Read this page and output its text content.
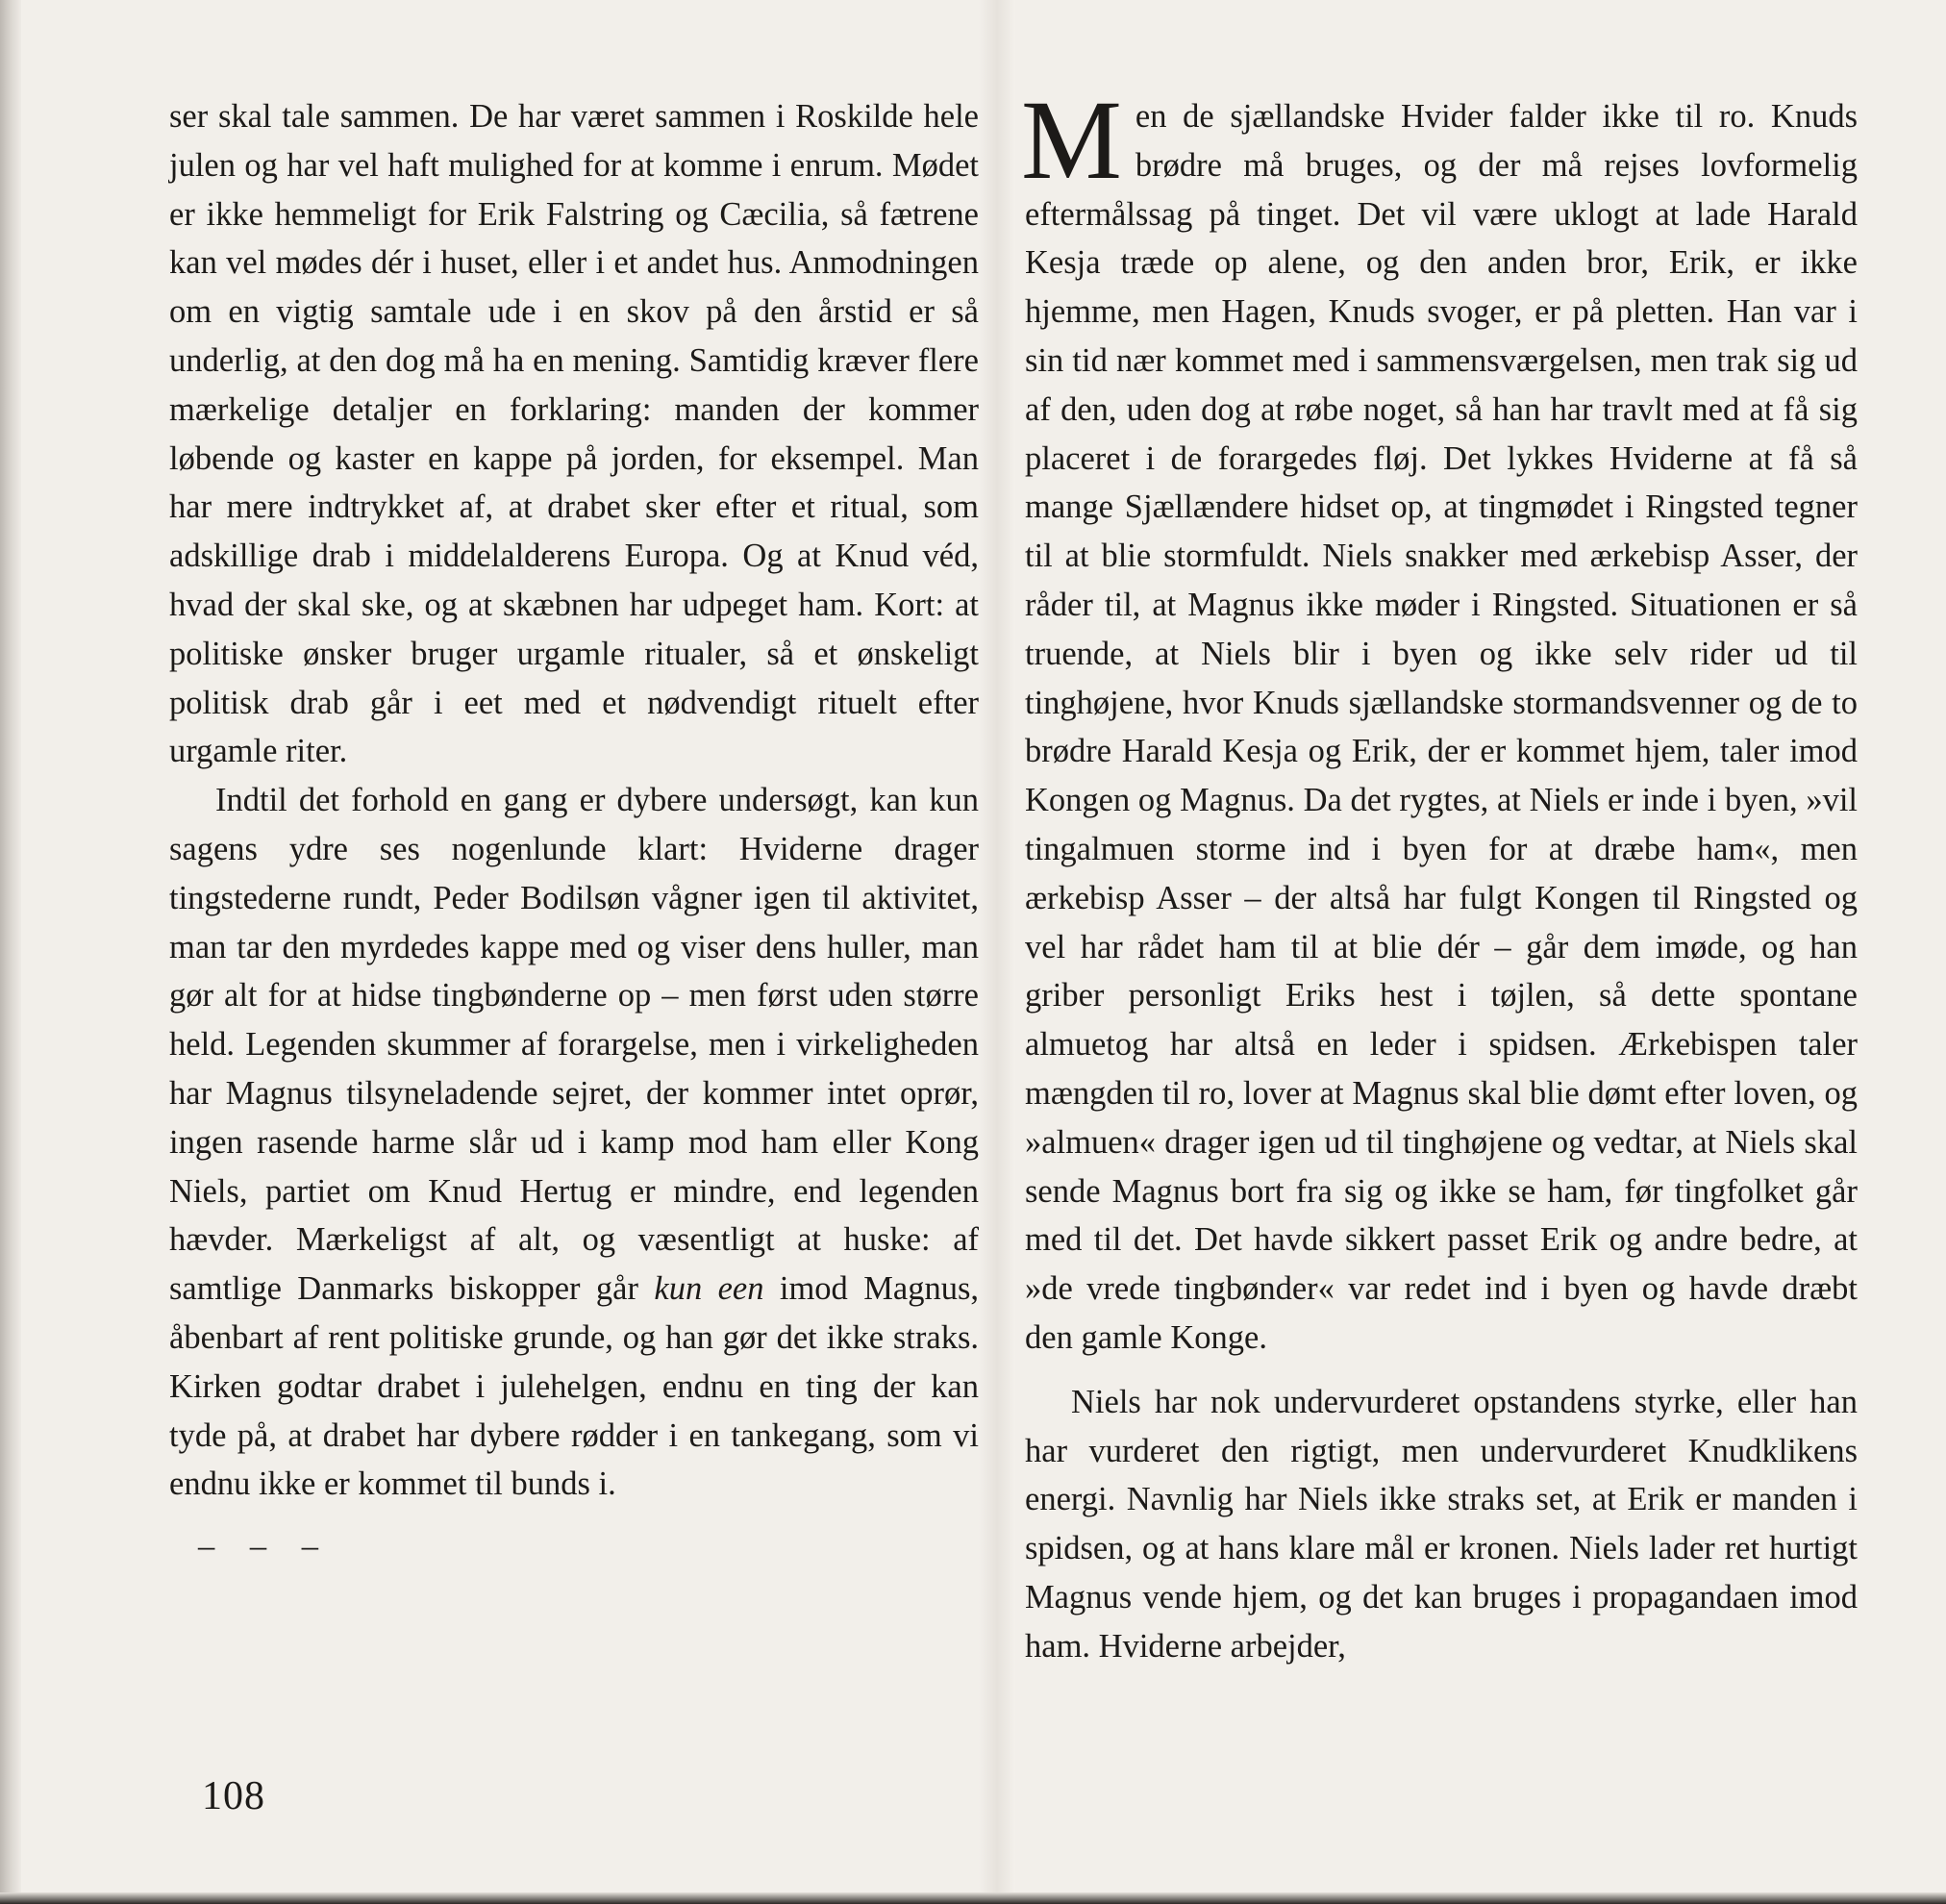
ser skal tale sammen. De har været sammen i Roskilde hele julen og har vel haft mulighed for at komme i enrum. Mødet er ikke hemmeligt for Erik Falstring og Cæcilia, så fætrene kan vel mødes dér i huset, eller i et andet hus. Anmodningen om en vigtig samtale ude i en skov på den årstid er så underlig, at den dog må ha en mening. Samtidig kræver flere mærkelige detaljer en forklaring: manden der kommer løbende og kaster en kappe på jorden, for eksempel. Man har mere indtrykket af, at drabet sker efter et ritual, som adskillige drab i middelalderens Europa. Og at Knud véd, hvad der skal ske, og at skæbnen har udpeget ham. Kort: at politiske ønsker bruger urgamle ritualer, så et ønskeligt politisk drab går i eet med et nødvendigt rituelt efter urgamle riter.

Indtil det forhold en gang er dybere undersøgt, kan kun sagens ydre ses nogenlunde klart: Hviderne drager tingstederne rundt, Peder Bodilsøn vågner igen til aktivitet, man tar den myrdedes kappe med og viser dens huller, man gør alt for at hidse tingbønderne op – men først uden større held. Legenden skummer af forargelse, men i virkeligheden har Magnus tilsyneladende sejret, der kommer intet oprør, ingen rasende harme slår ud i kamp mod ham eller Kong Niels, partiet om Knud Hertug er mindre, end legenden hævder. Mærkeligst af alt, og væsentligt at huske: af samtlige Danmarks biskopper går kun een imod Magnus, åbenbart af rent politiske grunde, og han gør det ikke straks. Kirken godtar drabet i julehelgen, endnu en ting der kan tyde på, at drabet har dybere rødder i en tankegang, som vi endnu ikke er kommet til bunds i.

– – –

108

Men de sjællandske Hvider falder ikke til ro. Knuds brødre må bruges, og der må rejses lovformelig eftermålssag på tinget. Det vil være uklogt at lade Harald Kesja træde op alene, og den anden bror, Erik, er ikke hjemme, men Hagen, Knuds svoger, er på pletten. Han var i sin tid nær kommet med i sammensværgelsen, men trak sig ud af den, uden dog at røbe noget, så han har travlt med at få sig placeret i de forargedes fløj. Det lykkes Hviderne at få så mange Sjællændere hidset op, at tingmødet i Ringsted tegner til at blie stormfuldt. Niels snakker med ærkebisp Asser, der råder til, at Magnus ikke møder i Ringsted. Situationen er så truende, at Niels blir i byen og ikke selv rider ud til tinghøjene, hvor Knuds sjællandske stormandsvenner og de to brødre Harald Kesja og Erik, der er kommet hjem, taler imod Kongen og Magnus. Da det rygtes, at Niels er inde i byen, »vil tingalmuen storme ind i byen for at dræbe ham«, men ærkebisp Asser – der altså har fulgt Kongen til Ringsted og vel har rådet ham til at blie dér – går dem imøde, og han griber personligt Eriks hest i tøjlen, så dette spontane almuetog har altså en leder i spidsen. Ærkebispen taler mængden til ro, lover at Magnus skal blie dømt efter loven, og »almuen« drager igen ud til tinghøjene og vedtar, at Niels skal sende Magnus bort fra sig og ikke se ham, før tingfolket går med til det. Det havde sikkert passet Erik og andre bedre, at »de vrede tingbønder« var redet ind i byen og havde dræbt den gamle Konge.

Niels har nok undervurderet opstandens styrke, eller han har vurderet den rigtigt, men undervurderet Knudklikens energi. Navnlig har Niels ikke straks set, at Erik er manden i spidsen, og at hans klare mål er kronen. Niels lader ret hurtigt Magnus vende hjem, og det kan bruges i propagandaen imod ham. Hviderne arbejder,
